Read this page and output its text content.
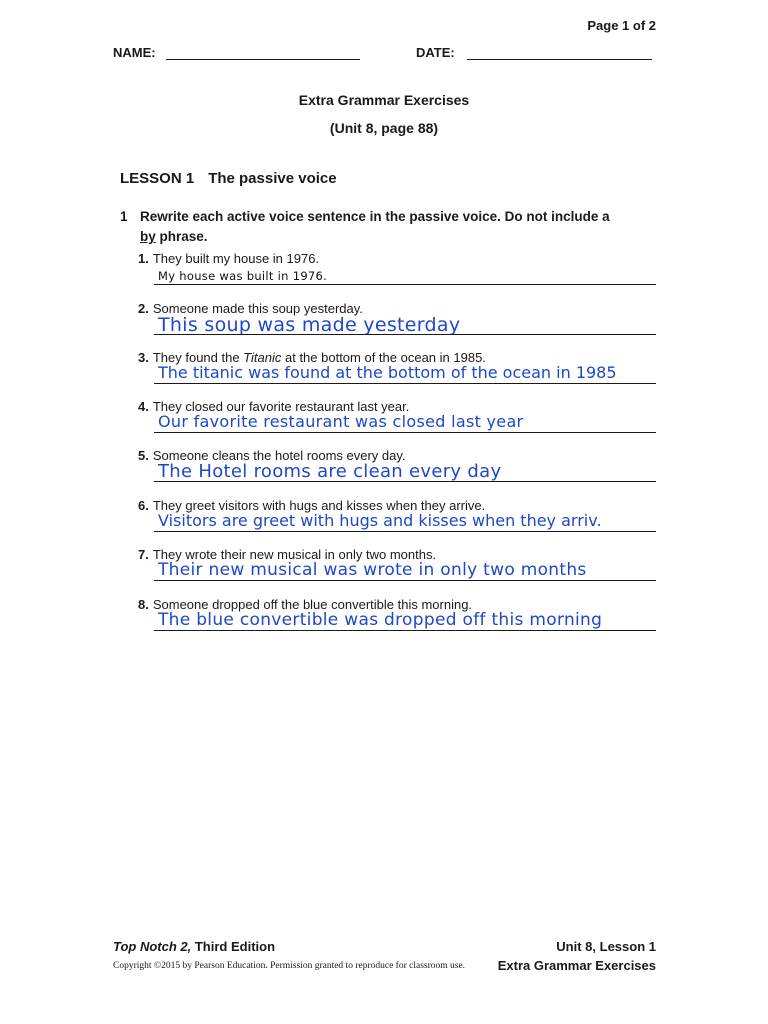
Page 1 of 2
NAME:	DATE:
Extra Grammar Exercises
(Unit 8, page 88)
LESSON 1 The passive voice
1 Rewrite each active voice sentence in the passive voice. Do not include a
by phrase.
1. They built my house in 1976.
My house was built in 1976.
2. Someone made this soup yesterday.
This soup was made yesterday
3. They found the Titanic at the bottom of the ocean in 1985.
The titanic was found at the bottom of the ocean in 1985
4. They closed our favorite restaurant last year.
Our favorite restaurant was closed last year
5. Someone cleans the hotel rooms every day.
The Hotel rooms are clean every day
6. They greet visitors with hugs and kisses when they arrive.
Visitors are greet with hugs and kisses when they arriv.
7. They wrote their new musical in only two months.
Their new musical was wrote in only two months
8. Someone dropped off the blue convertible this morning.
The blue convertible was dropped off this morning
Top Notch 2, Third Edition
Copyright ©2015 by Pearson Education. Permission granted to reproduce for classroom use.
Unit 8, Lesson 1
Extra Grammar Exercises
